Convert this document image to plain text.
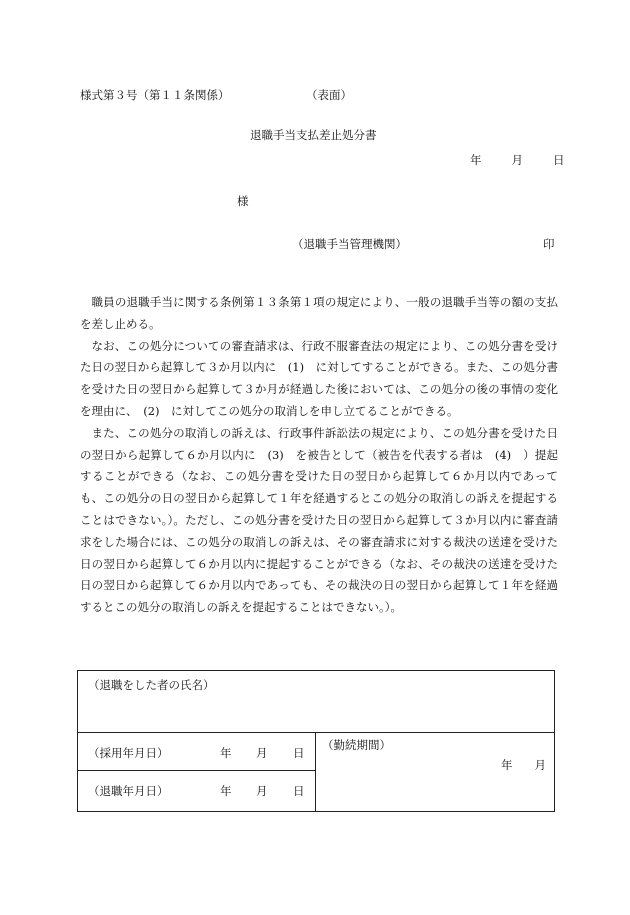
様式第３号（第１１条関係）	（表面）
退職手当支払差止処分書
年	月	日
様
（退職手当管理機関）	印

職員の退職手当に関する条例第１３条第１項の規定により、一般の退職手当等の額の支払を差し止める。

なお、この処分についての審査請求は、行政不服審査法の規定により、この処分書を受けた日の翌日から起算して３か月以内に　(1)　に対してすることができる。また、この処分書を受けた日の翌日から起算して３か月が経過した後においては、この処分の後の事情の変化を理由に、　(2)　に対してこの処分の取消しを申し立てることができる。

また、この処分の取消しの訴えは、行政事件訴訟法の規定により、この処分書を受けた日の翌日から起算して６か月以内に　(3)　を被告として（被告を代表する者は　(4)　）提起することができる（なお、この処分書を受けた日の翌日から起算して６か月以内であっても、この処分の日の翌日から起算して１年を経過するとこの処分の取消しの訴えを提起することはできない。）。ただし、この処分書を受けた日の翌日から起算して３か月以内に審査請求をした場合には、この処分の取消しの訴えは、その審査請求に対する裁決の送達を受けた日の翌日から起算して６か月以内に提起することができる（なお、その裁決の送達を受けた日の翌日から起算して６か月以内であっても、その裁決の日の翌日から起算して１年を経過するとこの処分の取消しの訴えを提起することはできない。）。

（退職をした者の氏名）
（採用年月日）	年 月 日
（退職年月日）	年 月 日
（勤続期間）
年 月
